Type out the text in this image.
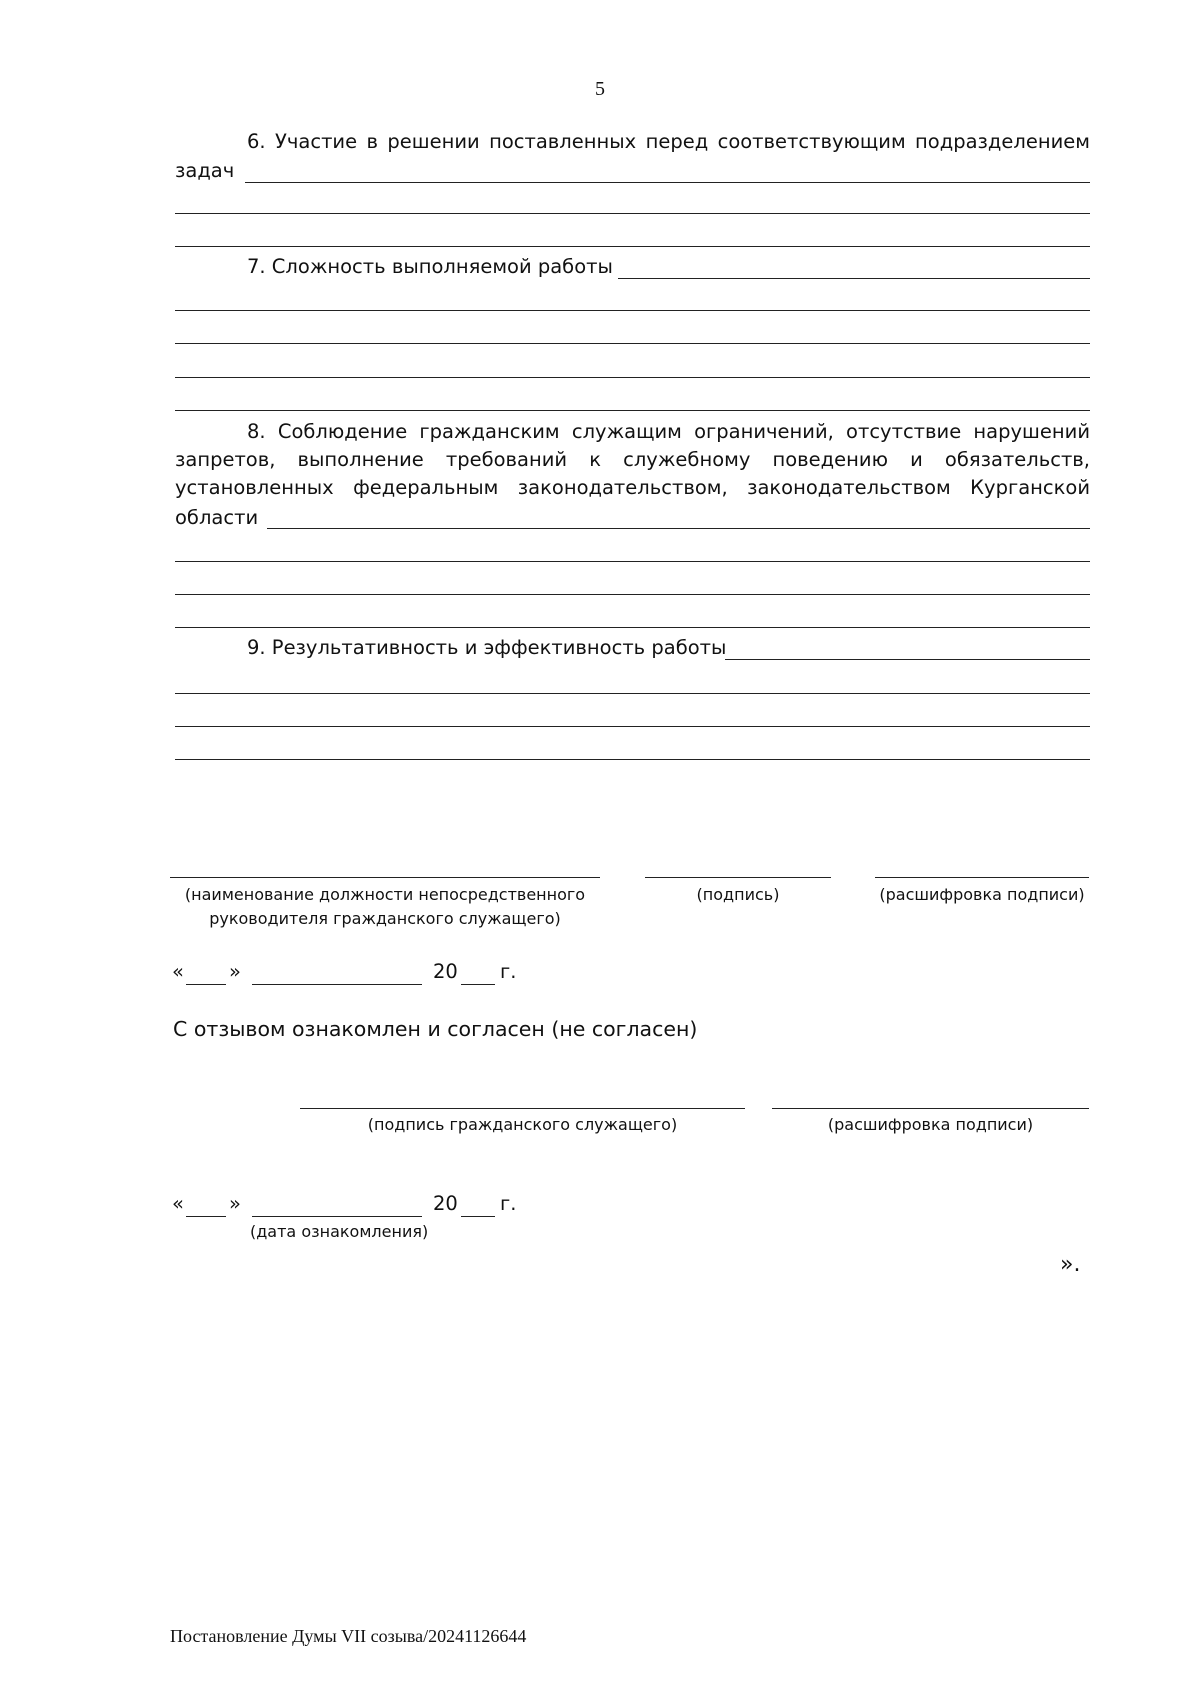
5
6. Участие в решении поставленных перед соответствующим подразделением
задач
7. Сложность выполняемой работы
8. Соблюдение гражданским служащим ограничений, отсутствие нарушений
запретов, выполнение требований к служебному поведению и обязательств,
установленных федеральным законодательством, законодательством Курганской
области
9. Результативность и эффективность работы
(наименование должности непосредственного
руководителя гражданского служащего)
(подпись)	(расшифровка подписи)
« »	20 г.
С отзывом ознакомлен и согласен (не согласен)
(подпись гражданского служащего)	(расшифровка подписи)
« »	20 г.
(дата ознакомления)
».
Постановление Думы VII созыва/20241126644
